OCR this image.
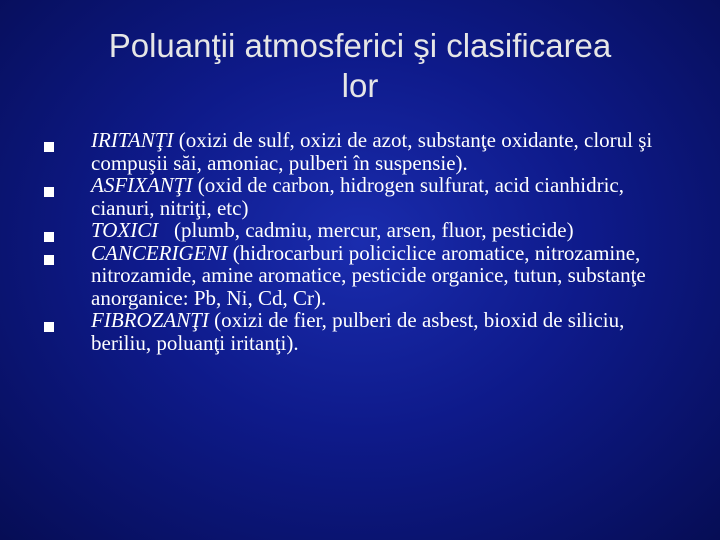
Poluanţii atmosferici şi clasificarea
lor
IRITANŢI (oxizi de sulf, oxizi de azot, substanţe oxidante, clorul şi compuşii săi, amoniac, pulberi în suspensie).
ASFIXANŢI (oxid de carbon, hidrogen sulfurat, acid cianhidric, cianuri, nitriţi, etc)
TOXICI   (plumb, cadmiu, mercur, arsen, fluor, pesticide)
CANCERIGENI (hidrocarburi policiclice aromatice, nitrozamine, nitrozamide, amine aromatice, pesticide organice, tutun, substanţe anorganice: Pb, Ni, Cd, Cr).
FIBROZANŢI (oxizi de fier, pulberi de asbest, bioxid de siliciu, beriliu, poluanţi iritanţi).
